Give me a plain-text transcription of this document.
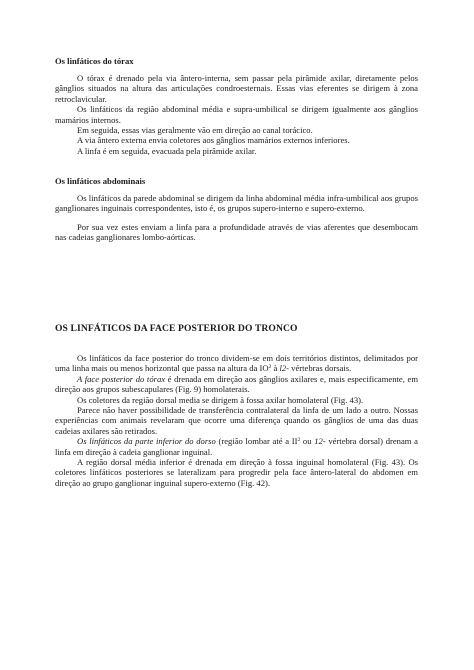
Os linfáticos do tórax

O tórax é drenado pela via ântero-interna, sem passar pela pirâmide axilar, diretamente pelos gânglios situados na altura das articulações condroesternais. Essas vias eferentes se dirigem à zona retroclavicular.

Os linfáticos da região abdominal média e supra-umbilical se dirigem igualmente aos gânglios mamários internos.

Em seguida, essas vias geralmente vão em direção ao canal torácico.

A via ântero externa envia coletores aos gânglios mamários externos inferiores.

A linfa é em seguida, evacuada pela pirâmide axilar.

Os linfáticos abdominais

Os linfáticos da parede abdominal se dirigem da linha abdominal média infra-umbilical aos grupos ganglionares inguinais correspondentes, isto é, os grupos supero-interno e supero-externo.

Por sua vez estes enviam a linfa para a profundidade através de vias aferentes que desembocam nas cadeias ganglionares lombo-aórticas.

OS LINFÁTICOS DA FACE POSTERIOR DO TRONCO

Os linfáticos da face posterior do tronco dividem-se em dois territórios distintos, delimitados por uma linha mais ou menos horizontal que passa na altura da $IO^2$ à l2- vértebras dorsais.

A face posterior do tórax é drenada em direção aos gânglios axilares e, mais especificamente, em direção aos grupos subescapulares (Fig. 9) homolaterais.

Os coletores da região dorsal media se dirigem à fossa axilar homolateral (Fig. 43).

Parece não haver possibilidade de transferência contralateral da linfa de um lado a outro. Nossas experiências com animais revelaram que ocorre uma diferença quando os gânglios de uma das duas cadeias axilares são retirados.

Os linfáticos da parte inferior do dorso (região lombar até a $II^2$ ou 12- vértebra dorsal) drenam a linfa em direção à cadeia ganglionar inguinal.

A região dorsal média inferior é drenada em direção à fossa inguinal homolateral (Fig. 43). Os coletores linfáticos posteriores se lateralizam para progredir pela face ântero-lateral do abdomen em direção ao grupo ganglionar inguinal supero-externo (Fig. 42).
